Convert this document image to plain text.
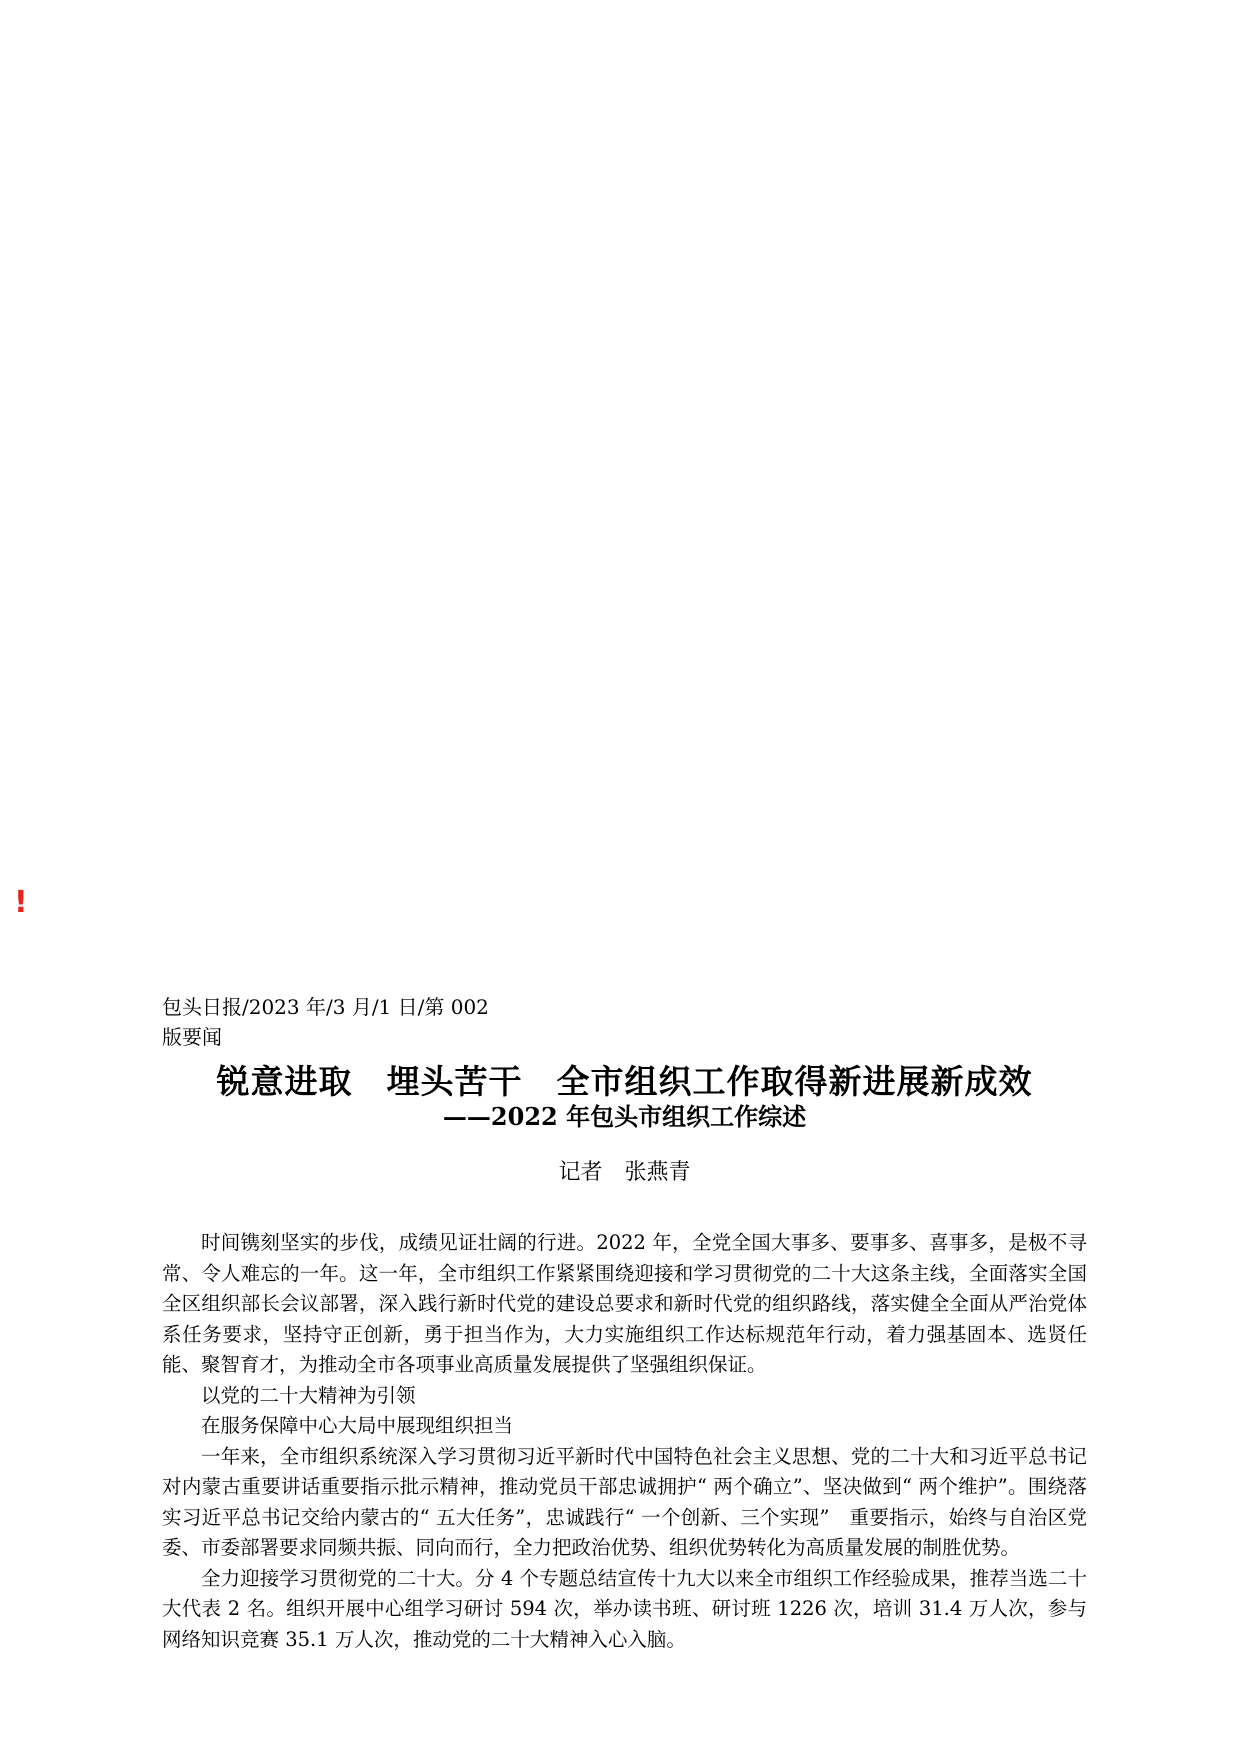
!

包头日报/2023 年/3 月/1 日/第 002

版要闻

锐意进取　埋头苦干　全市组织工作取得新进展新成效
——2022 年包头市组织工作综述

记者　张燕青

时间镌刻坚实的步伐，成绩见证壮阔的行进。2022 年，全党全国大事多、要事多、喜事多，是极不寻常、令人难忘的一年。这一年，全市组织工作紧紧围绕迎接和学习贯彻党的二十大这条主线，全面落实全国全区组织部长会议部署，深入践行新时代党的建设总要求和新时代党的组织路线，落实健全全面从严治党体系任务要求，坚持守正创新，勇于担当作为，大力实施组织工作达标规范年行动，着力强基固本、选贤任能、聚智育才，为推动全市各项事业高质量发展提供了坚强组织保证。

以党的二十大精神为引领

在服务保障中心大局中展现组织担当

一年来，全市组织系统深入学习贯彻习近平新时代中国特色社会主义思想、党的二十大和习近平总书记对内蒙古重要讲话重要指示批示精神，推动党员干部忠诚拥护“ 两个确立”、坚决做到“ 两个维护”。围绕落实习近平总书记交给内蒙古的“ 五大任务”，忠诚践行“ 一个创新、三个实现”　重要指示，始终与自治区党委、市委部署要求同频共振、同向而行，全力把政治优势、组织优势转化为高质量发展的制胜优势。

全力迎接学习贯彻党的二十大。分 4 个专题总结宣传十九大以来全市组织工作经验成果，推荐当选二十大代表 2 名。组织开展中心组学习研讨 594 次，举办读书班、研讨班 1226 次，培训 31.4 万人次，参与网络知识竞赛 35.1 万人次，推动党的二十大精神入心入脑。
